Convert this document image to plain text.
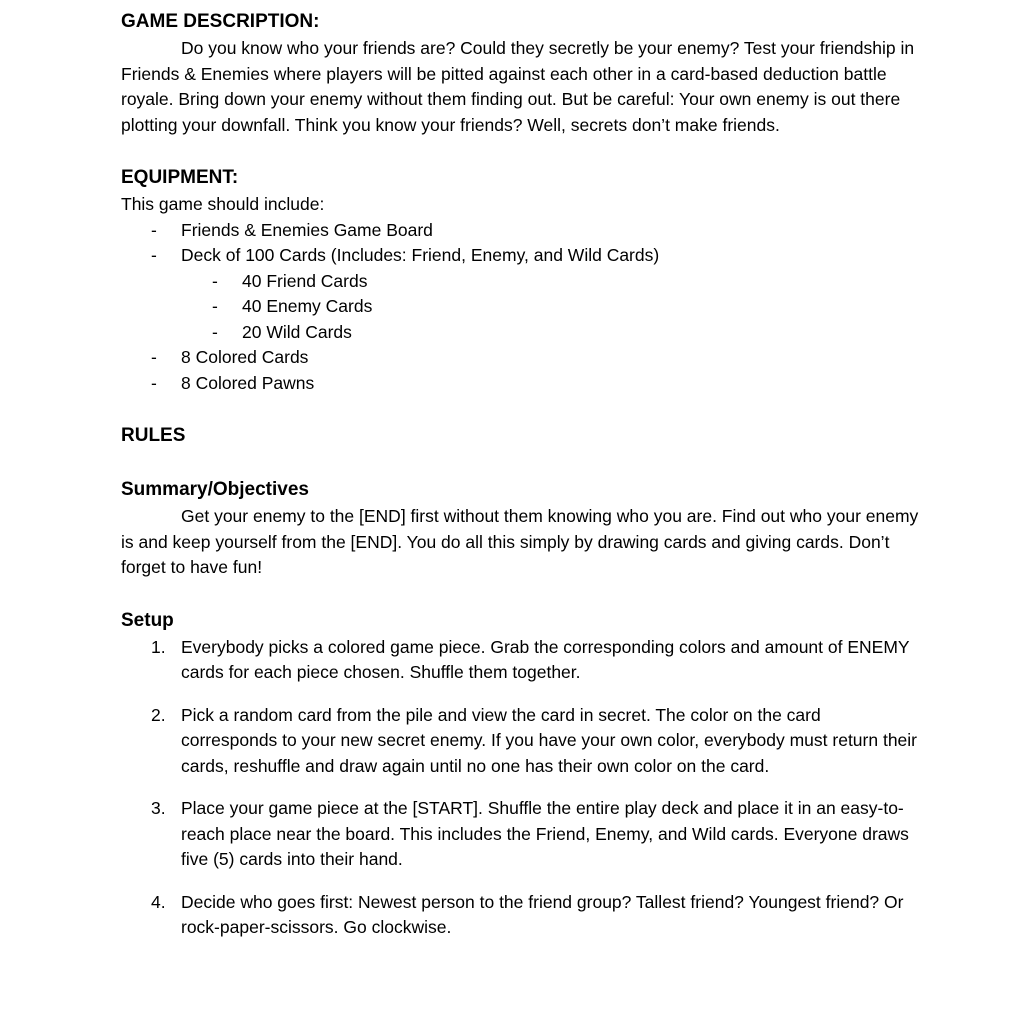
GAME DESCRIPTION:

Do you know who your friends are? Could they secretly be your enemy? Test your friendship in Friends & Enemies where players will be pitted against each other in a card-based deduction battle royale. Bring down your enemy without them finding out. But be careful: Your own enemy is out there plotting your downfall. Think you know your friends? Well, secrets don’t make friends.

EQUIPMENT:

This game should include:

- Friends & Enemies Game Board
- Deck of 100 Cards (Includes: Friend, Enemy, and Wild Cards)
- 40 Friend Cards
- 40 Enemy Cards
- 20 Wild Cards
- 8 Colored Cards
- 8 Colored Pawns
RULES
Summary/Objectives

Get your enemy to the [END] first without them knowing who you are. Find out who your enemy is and keep yourself from the [END]. You do all this simply by drawing cards and giving cards. Don’t forget to have fun!

Setup
1. Everybody picks a colored game piece. Grab the corresponding colors and amount of ENEMY cards for each piece chosen. Shuffle them together.
2. Pick a random card from the pile and view the card in secret. The color on the card corresponds to your new secret enemy. If you have your own color, everybody must return their cards, reshuffle and draw again until no one has their own color on the card.
3. Place your game piece at the [START]. Shuffle the entire play deck and place it in an easy-to-reach place near the board. This includes the Friend, Enemy, and Wild cards. Everyone draws five (5) cards into their hand.
4. Decide who goes first: Newest person to the friend group? Tallest friend? Youngest friend? Or rock-paper-scissors. Go clockwise.
